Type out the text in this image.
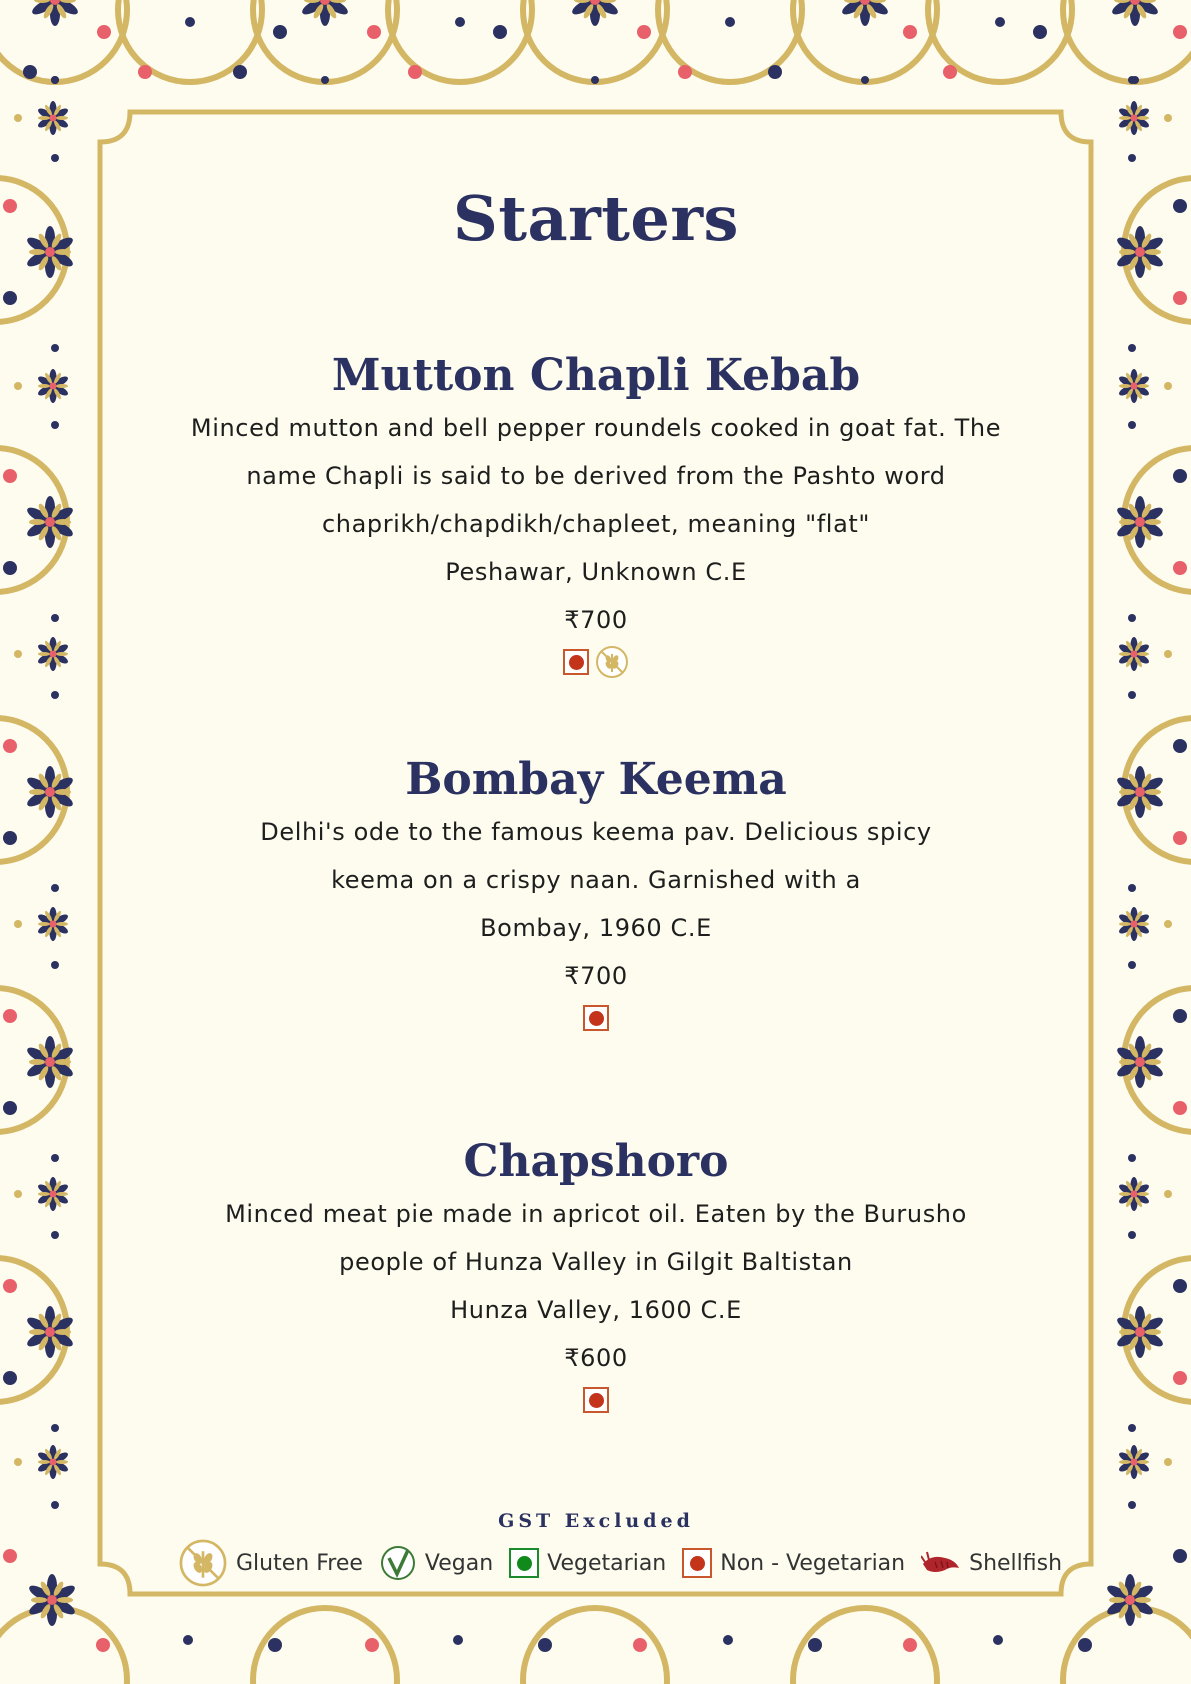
Starters
Mutton Chapli Kebab
Minced mutton and bell pepper roundels cooked in goat fat. The name Chapli is said to be derived from the Pashto word chaprikh/chapdikh/chapleet, meaning "flat"
Peshawar, Unknown C.E
₹700
Bombay Keema
Delhi's ode to the famous keema pav. Delicious spicy keema on a crispy naan. Garnished with a
Bombay, 1960 C.E
₹700
Chapshoro
Minced meat pie made in apricot oil. Eaten by the Burusho people of Hunza Valley in Gilgit Baltistan
Hunza Valley, 1600 C.E
₹600
GST Excluded
Gluten Free	Vegan Vegetarian Non - Vegetarian	Shellfish
